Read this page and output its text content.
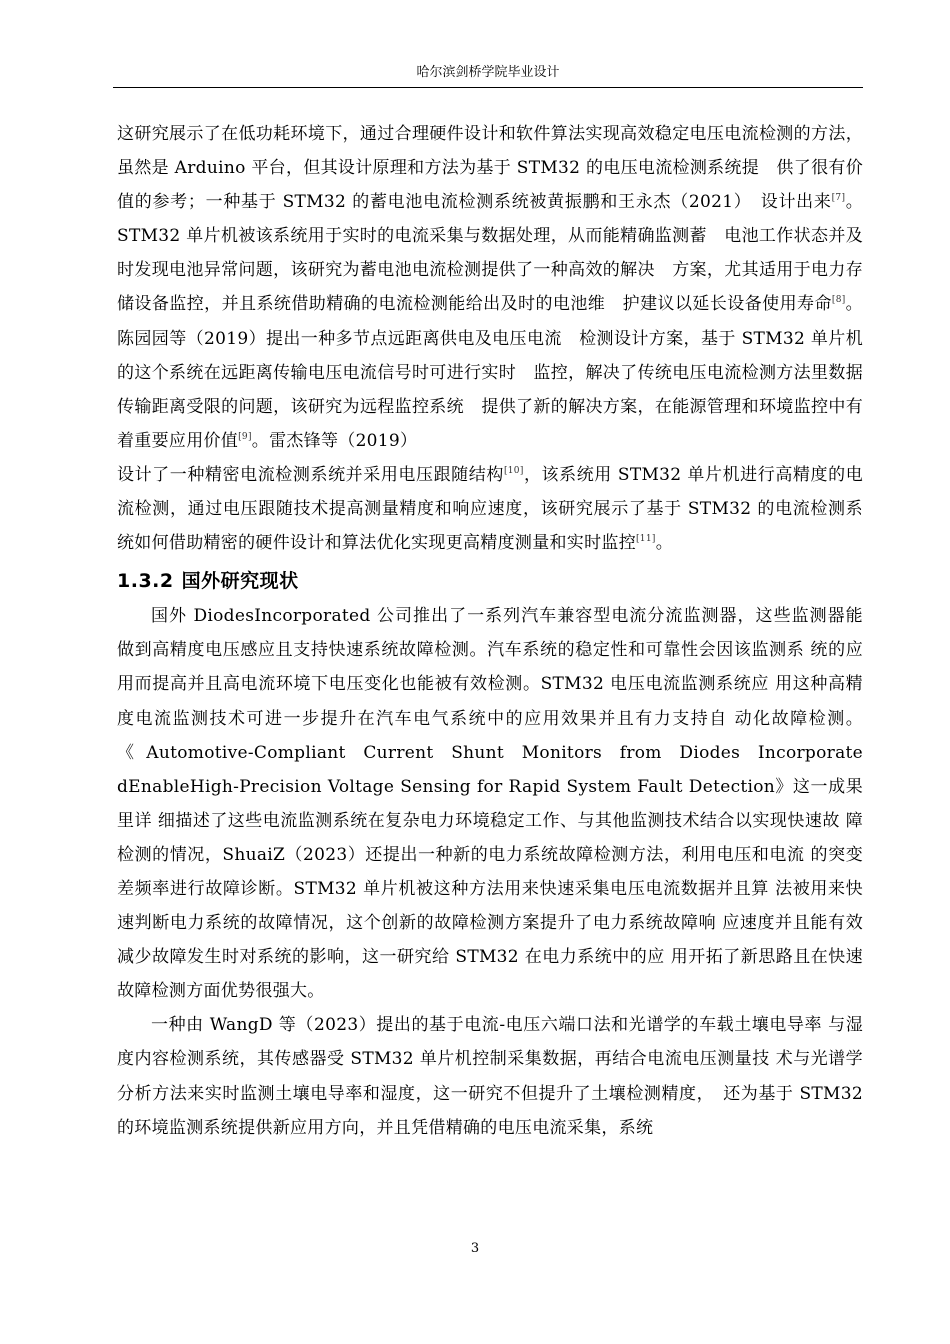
哈尔滨剑桥学院毕业设计

这研究展示了在低功耗环境下，通过合理硬件设计和软件算法实现高效稳定电压电流检测的方法，虽然是 Arduino 平台，但其设计原理和方法为基于 STM32 的电压电流检测系统提　供了很有价值的参考；一种基于 STM32 的蓄电池电流检测系统被黄振鹏和王永杰（2021）　设计出来[7]。STM32 单片机被该系统用于实时的电流采集与数据处理，从而能精确监测蓄　电池工作状态并及时发现电池异常问题，该研究为蓄电池电流检测提供了一种高效的解决　方案，尤其适用于电力存储设备监控，并且系统借助精确的电流检测能给出及时的电池维　护建议以延长设备使用寿命[8]。陈园园等（2019）提出一种多节点远距离供电及电压电流　检测设计方案，基于 STM32 单片机的这个系统在远距离传输电压电流信号时可进行实时　监控，解决了传统电压电流检测方法里数据传输距离受限的问题，该研究为远程监控系统　提供了新的解决方案，在能源管理和环境监控中有着重要应用价值[9]。雷杰锋等（2019）

设计了一种精密电流检测系统并采用电压跟随结构[10]，该系统用 STM32 单片机进行高精度的电流检测，通过电压跟随技术提高测量精度和响应速度，该研究展示了基于 STM32 的电流检测系统如何借助精密的硬件设计和算法优化实现更高精度测量和实时监控[11]。

1.3.2 国外研究现状

国外 DiodesIncorporated 公司推出了一系列汽车兼容型电流分流监测器，这些监测器能 做到高精度电压感应且支持快速系统故障检测。汽车系统的稳定性和可靠性会因该监测系 统的应用而提高并且高电流环境下电压变化也能被有效检测。STM32 电压电流监测系统应 用这种高精度电流监测技术可进一步提升在汽车电气系统中的应用效果并且有力支持自 动化故障检测。《Automotive-Compliant Current Shunt Monitors from Diodes Incorporate dEnableHigh-Precision Voltage Sensing for Rapid System Fault Detection》这一成果里详 细描述了这些电流监测系统在复杂电力环境稳定工作、与其他监测技术结合以实现快速故 障检测的情况，ShuaiZ（2023）还提出一种新的电力系统故障检测方法，利用电压和电流 的突变差频率进行故障诊断。STM32 单片机被这种方法用来快速采集电压电流数据并且算 法被用来快速判断电力系统的故障情况，这个创新的故障检测方案提升了电力系统故障响 应速度并且能有效减少故障发生时对系统的影响，这一研究给 STM32 在电力系统中的应 用开拓了新思路且在快速故障检测方面优势很强大。

一种由 WangD 等（2023）提出的基于电流-电压六端口法和光谱学的车载土壤电导率 与湿度内容检测系统，其传感器受 STM32 单片机控制采集数据，再结合电流电压测量技 术与光谱学分析方法来实时监测土壤电导率和湿度，这一研究不但提升了土壤检测精度，　还为基于 STM32 的环境监测系统提供新应用方向，并且凭借精确的电压电流采集，系统

3
